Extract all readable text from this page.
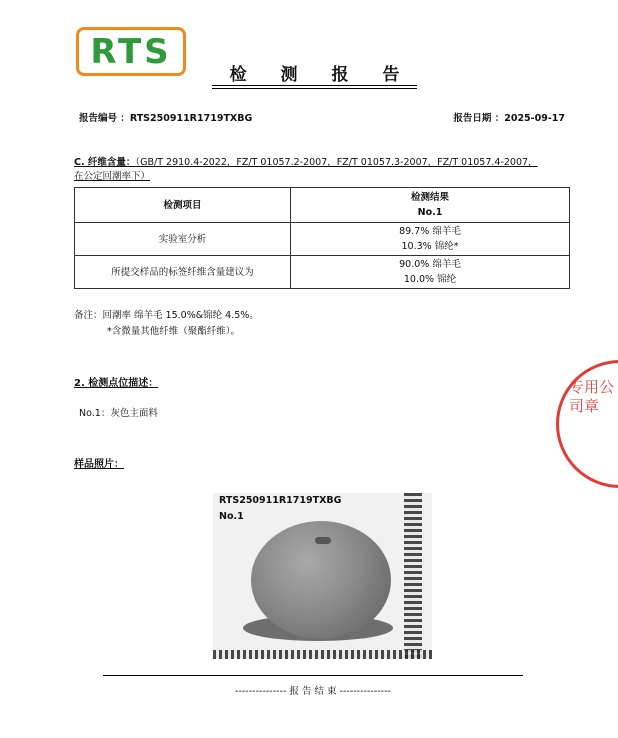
RTS
检 测 报 告
报告编号 ：RTS250911R1719TXBG	报告日期 ：2025-09-17
C. 纤维含量：（GB/T 2910.4-2022，FZ/T 01057.2-2007，FZ/T 01057.3-2007，FZ/T 01057.4-2007，
在公定回潮率下）
检测项目	检测结果
No.1

实验室分析	89.7% 绵羊毛
10.3% 锦纶*

所提交样品的标签纤维含量建议为	90.0% 绵羊毛
10.0% 锦纶
备注：回潮率 绵羊毛 15.0%&锦纶 4.5%。
*含微量其他纤维（聚酯纤维）。
2. 检测点位描述：
No.1：灰色主面料
样品照片：
RTS250911R1719TXBG
No.1
--------------- 报 告 结 束 ---------------
专用公司章
